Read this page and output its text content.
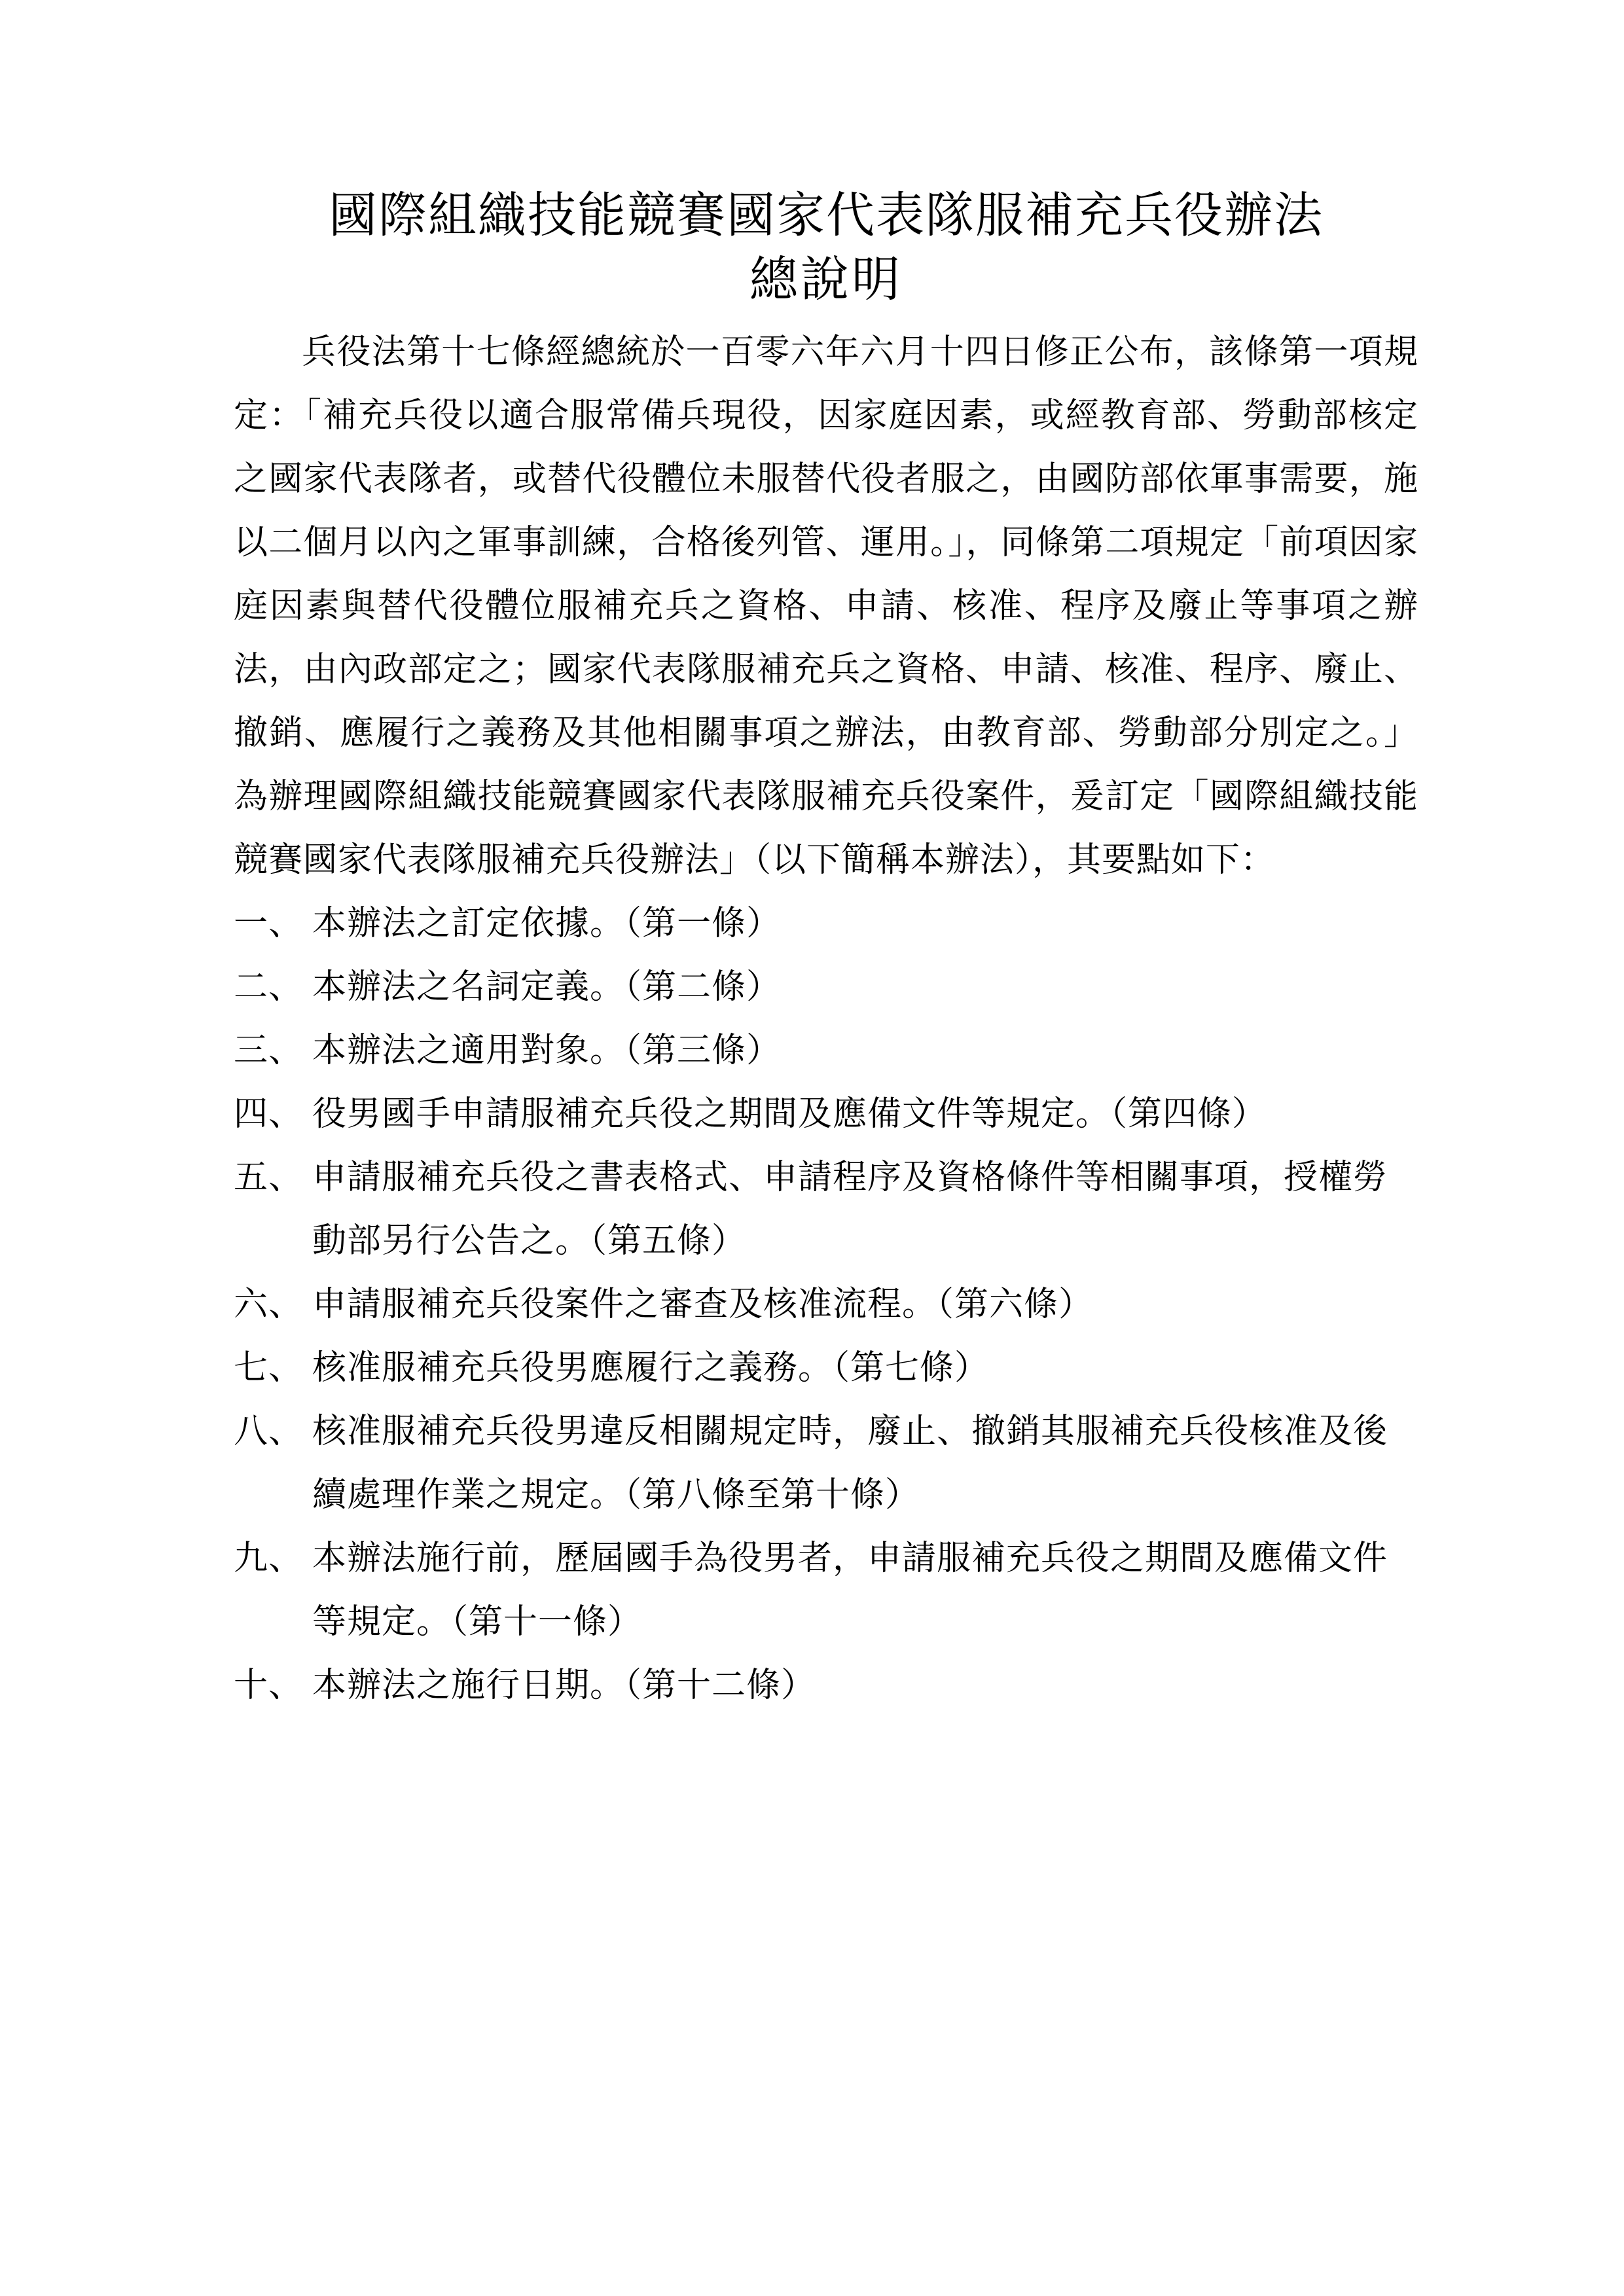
國際組織技能競賽國家代表隊服補充兵役辦法
總說明

兵役法第十七條經總統於一百零六年六月十四日修正公布，該條第一項規定：「補充兵役以適合服常備兵現役，因家庭因素，或經教育部、勞動部核定之國家代表隊者，或替代役體位未服替代役者服之，由國防部依軍事需要，施以二個月以內之軍事訓練，合格後列管、運用。」，同條第二項規定「前項因家庭因素與替代役體位服補充兵之資格、申請、核准、程序及廢止等事項之辦法，由內政部定之；國家代表隊服補充兵之資格、申請、核准、程序、廢止、撤銷、應履行之義務及其他相關事項之辦法，由教育部、勞動部分別定之。」為辦理國際組織技能競賽國家代表隊服補充兵役案件，爰訂定「國際組織技能競賽國家代表隊服補充兵役辦法」（以下簡稱本辦法），其要點如下：

一、 本辦法之訂定依據。（第一條）
二、 本辦法之名詞定義。（第二條）
三、 本辦法之適用對象。（第三條）
四、 役男國手申請服補充兵役之期間及應備文件等規定。（第四條）
五、 申請服補充兵役之書表格式、申請程序及資格條件等相關事項，授權勞動部另行公告之。（第五條）
六、 申請服補充兵役案件之審查及核准流程。（第六條）
七、 核准服補充兵役男應履行之義務。（第七條）
八、 核准服補充兵役男違反相關規定時，廢止、撤銷其服補充兵役核准及後續處理作業之規定。（第八條至第十條）
九、 本辦法施行前，歷屆國手為役男者，申請服補充兵役之期間及應備文件等規定。（第十一條）
十、 本辦法之施行日期。（第十二條）
